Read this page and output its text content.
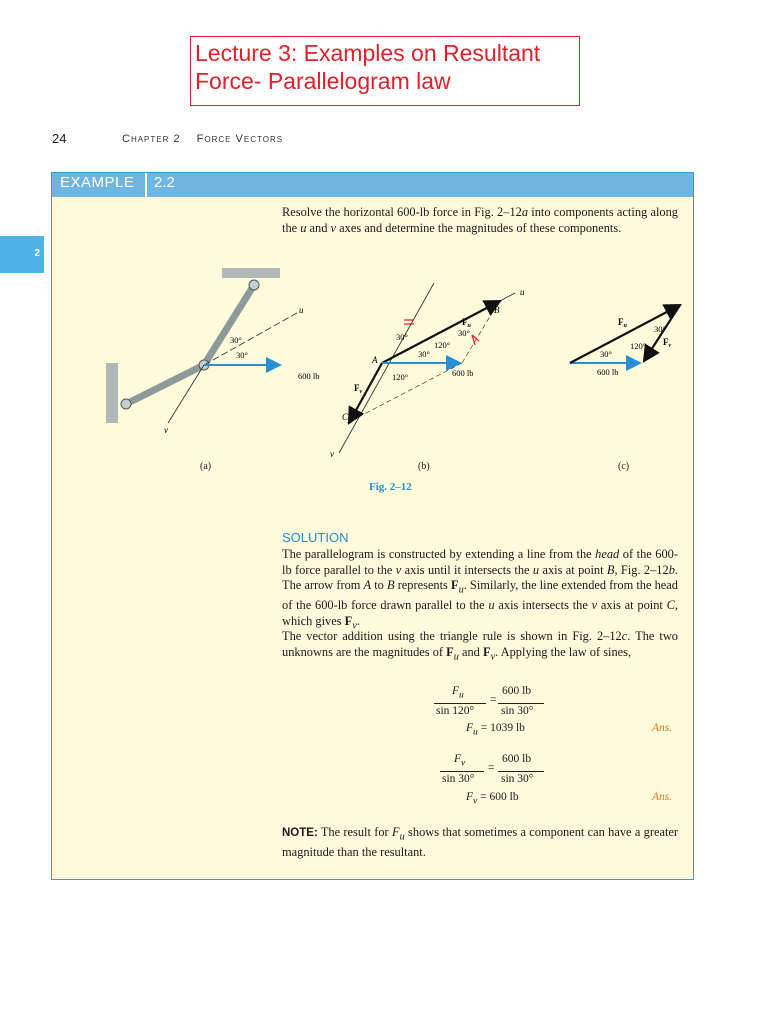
Lecture 3: Examples on Resultant
Force- Parallelogram law
24	Chapter 2 Force Vectors
2
EXAMPLE 2.2
Resolve the horizontal 600-lb force in Fig. 2–12a into components acting along the u and v axes and determine the magnitudes of these components.
u
v
30°
30°
600 lb
u
v
A
B
C
$F_u$
$F_v$
30°	30°
30°
120°
120°	600 lb
$F_u$
$F_v$
30°
120°
30°
600 lb
(a)	(b)	(c)
Fig. 2–12
SOLUTION
The parallelogram is constructed by extending a line from the head of the 600-lb force parallel to the v axis until it intersects the u axis at point B, Fig. 2–12b. The arrow from A to B represents $F_u$. Similarly, the line extended from the head of the 600-lb force drawn parallel to the u axis intersects the v axis at point C, which gives $F_v$.
The vector addition using the triangle rule is shown in Fig. 2–12c. The two unknowns are the magnitudes of $F_u$ and $F_v$. Applying the law of sines,
$F_u$
sin 120°
=
600 lb
sin 30°
$F_u = 1039$ lb	Ans.
$F_v$
sin 30°
=
600 lb
sin 30°
$F_v = 600$ lb	Ans.
NOTE: The result for $F_u$ shows that sometimes a component can have a greater magnitude than the resultant.
